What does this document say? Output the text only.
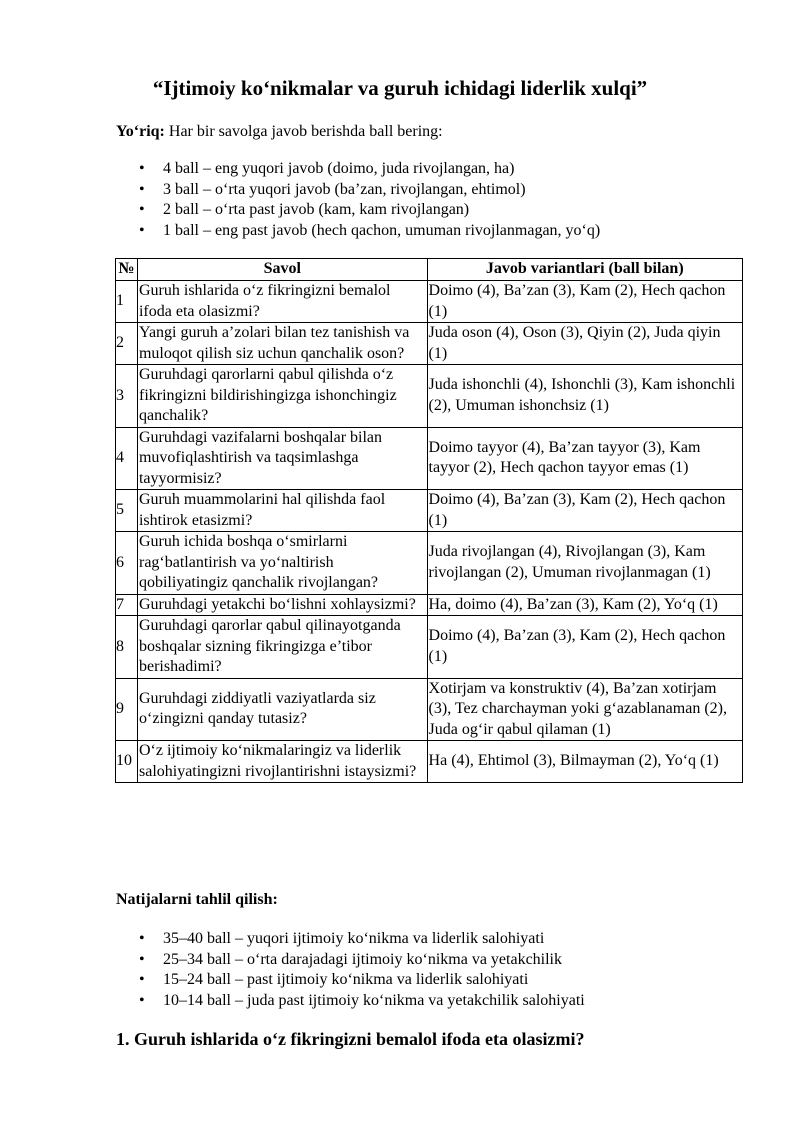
“Ijtimoiy ko‘nikmalar va guruh ichidagi liderlik xulqi”
Yo‘riq: Har bir savolga javob berishda ball bering:
• 4 ball – eng yuqori javob (doimo, juda rivojlangan, ha)
• 3 ball – o‘rta yuqori javob (ba’zan, rivojlangan, ehtimol)
• 2 ball – o‘rta past javob (kam, kam rivojlangan)
• 1 ball – eng past javob (hech qachon, umuman rivojlanmagan, yo‘q)
№	Savol	Javob variantlari (ball bilan)
1	Guruh ishlarida o‘z fikringizni bemalol ifoda eta olasizmi?	Doimo (4), Ba’zan (3), Kam (2), Hech qachon (1)
2	Yangi guruh a’zolari bilan tez tanishish va muloqot qilish siz uchun qanchalik oson?	Juda oson (4), Oson (3), Qiyin (2), Juda qiyin (1)
3	Guruhdagi qarorlarni qabul qilishda o‘z fikringizni bildirishingizga ishonchingiz qanchalik?	Juda ishonchli (4), Ishonchli (3), Kam ishonchli (2), Umuman ishonchsiz (1)
4	Guruhdagi vazifalarni boshqalar bilan muvofiqlashtirish va taqsimlashga tayyormisiz?	Doimo tayyor (4), Ba’zan tayyor (3), Kam tayyor (2), Hech qachon tayyor emas (1)
5	Guruh muammolarini hal qilishda faol ishtirok etasizmi?	Doimo (4), Ba’zan (3), Kam (2), Hech qachon (1)
6	Guruh ichida boshqa o‘smirlarni rag‘batlantirish va yo‘naltirish qobiliyatingiz qanchalik rivojlangan?	Juda rivojlangan (4), Rivojlangan (3), Kam rivojlangan (2), Umuman rivojlanmagan (1)
7	Guruhdagi yetakchi bo‘lishni xohlaysizmi?	Ha, doimo (4), Ba’zan (3), Kam (2), Yo‘q (1)
8	Guruhdagi qarorlar qabul qilinayotganda boshqalar sizning fikringizga e’tibor berishadimi?	Doimo (4), Ba’zan (3), Kam (2), Hech qachon (1)
9	Guruhdagi ziddiyatli vaziyatlarda siz o‘zingizni qanday tutasiz?	Xotirjam va konstruktiv (4), Ba’zan xotirjam (3), Tez charchayman yoki g‘azablanaman (2), Juda og‘ir qabul qilaman (1)
10	O‘z ijtimoiy ko‘nikmalaringiz va liderlik salohiyatingizni rivojlantirishni istaysizmi?	Ha (4), Ehtimol (3), Bilmayman (2), Yo‘q (1)
Natijalarni tahlil qilish:
• 35–40 ball – yuqori ijtimoiy ko‘nikma va liderlik salohiyati
• 25–34 ball – o‘rta darajadagi ijtimoiy ko‘nikma va yetakchilik
• 15–24 ball – past ijtimoiy ko‘nikma va liderlik salohiyati
• 10–14 ball – juda past ijtimoiy ko‘nikma va yetakchilik salohiyati
1. Guruh ishlarida o‘z fikringizni bemalol ifoda eta olasizmi?
